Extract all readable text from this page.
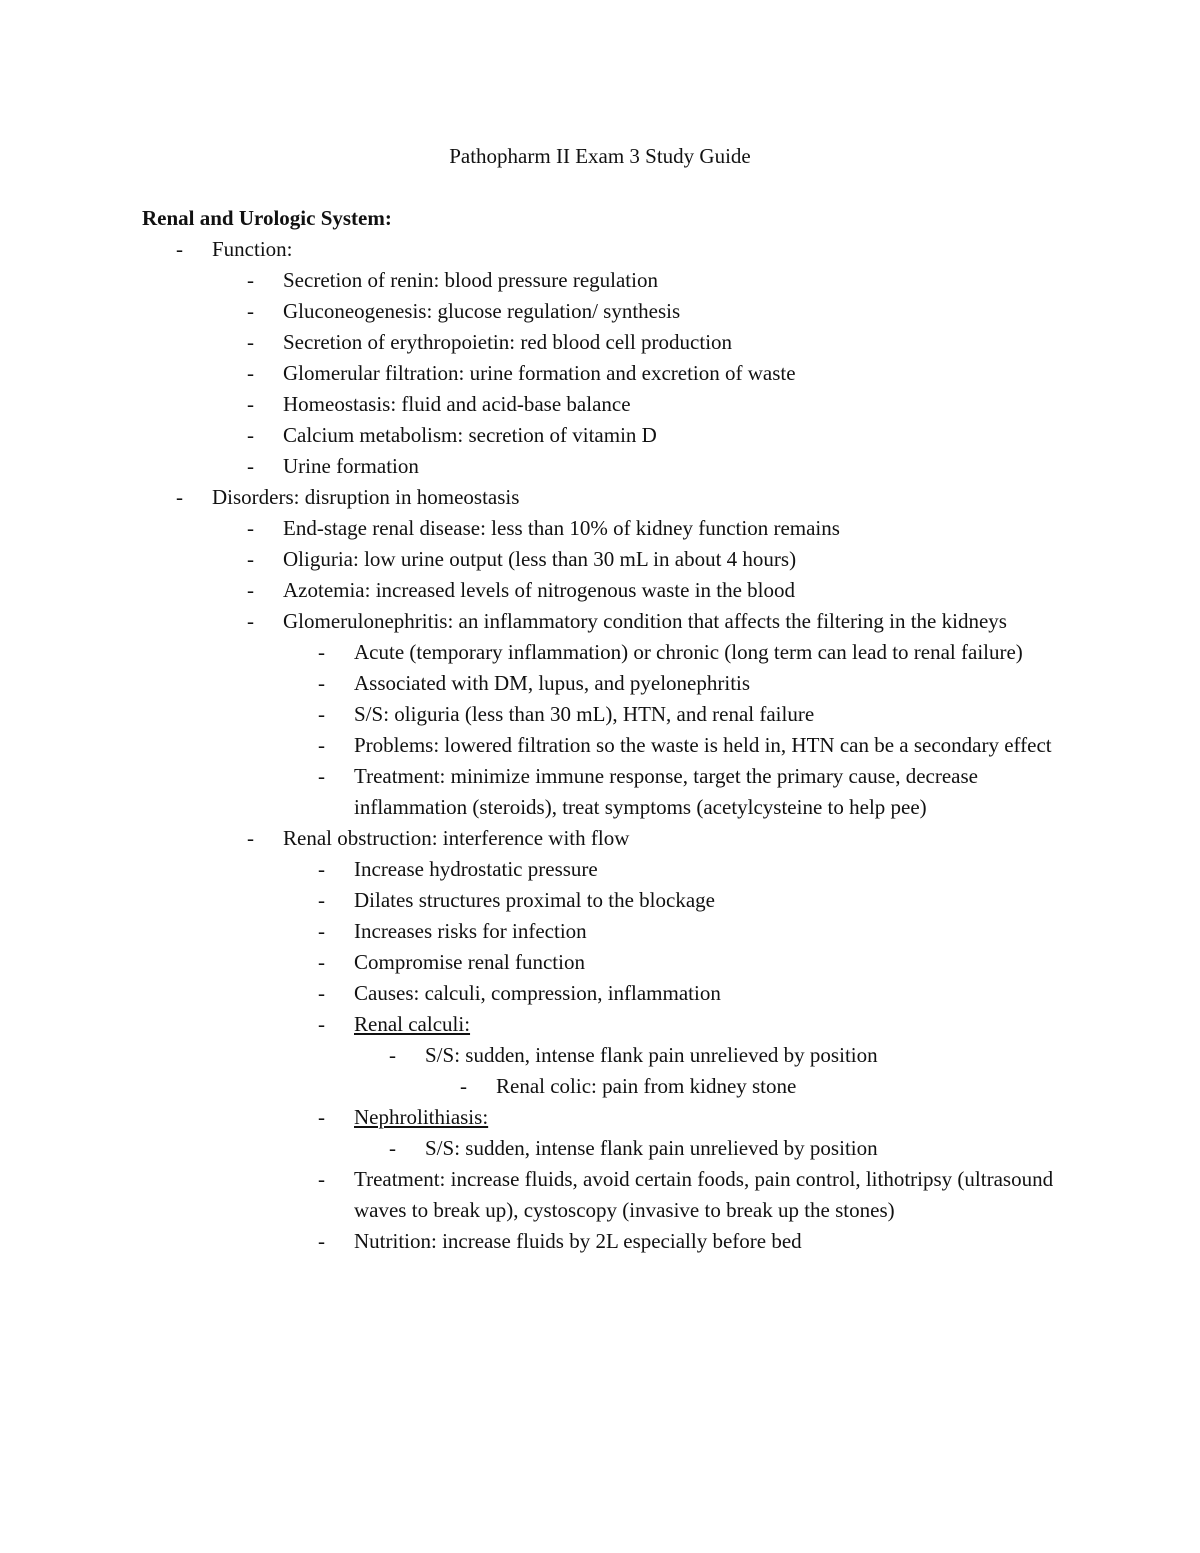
Pathopharm II Exam 3 Study Guide
Renal and Urologic System:
- Function:
- Secretion of renin: blood pressure regulation
- Gluconeogenesis: glucose regulation/ synthesis
- Secretion of erythropoietin: red blood cell production
- Glomerular filtration: urine formation and excretion of waste
- Homeostasis: fluid and acid-base balance
- Calcium metabolism: secretion of vitamin D
- Urine formation
- Disorders: disruption in homeostasis
- End-stage renal disease: less than 10% of kidney function remains
- Oliguria: low urine output (less than 30 mL in about 4 hours)
- Azotemia: increased levels of nitrogenous waste in the blood
- Glomerulonephritis: an inflammatory condition that affects the filtering in the kidneys
- Acute (temporary inflammation) or chronic (long term can lead to renal failure)
- Associated with DM, lupus, and pyelonephritis
- S/S: oliguria (less than 30 mL), HTN, and renal failure
- Problems: lowered filtration so the waste is held in, HTN can be a secondary effect
- Treatment: minimize immune response, target the primary cause, decrease inflammation (steroids), treat symptoms (acetylcysteine to help pee)
- Renal obstruction: interference with flow
- Increase hydrostatic pressure
- Dilates structures proximal to the blockage
- Increases risks for infection
- Compromise renal function
- Causes: calculi, compression, inflammation
- Renal calculi:
- S/S: sudden, intense flank pain unrelieved by position
- Renal colic: pain from kidney stone
- Nephrolithiasis:
- S/S: sudden, intense flank pain unrelieved by position
- Treatment: increase fluids, avoid certain foods, pain control, lithotripsy (ultrasound waves to break up), cystoscopy (invasive to break up the stones)
- Nutrition: increase fluids by 2L especially before bed
